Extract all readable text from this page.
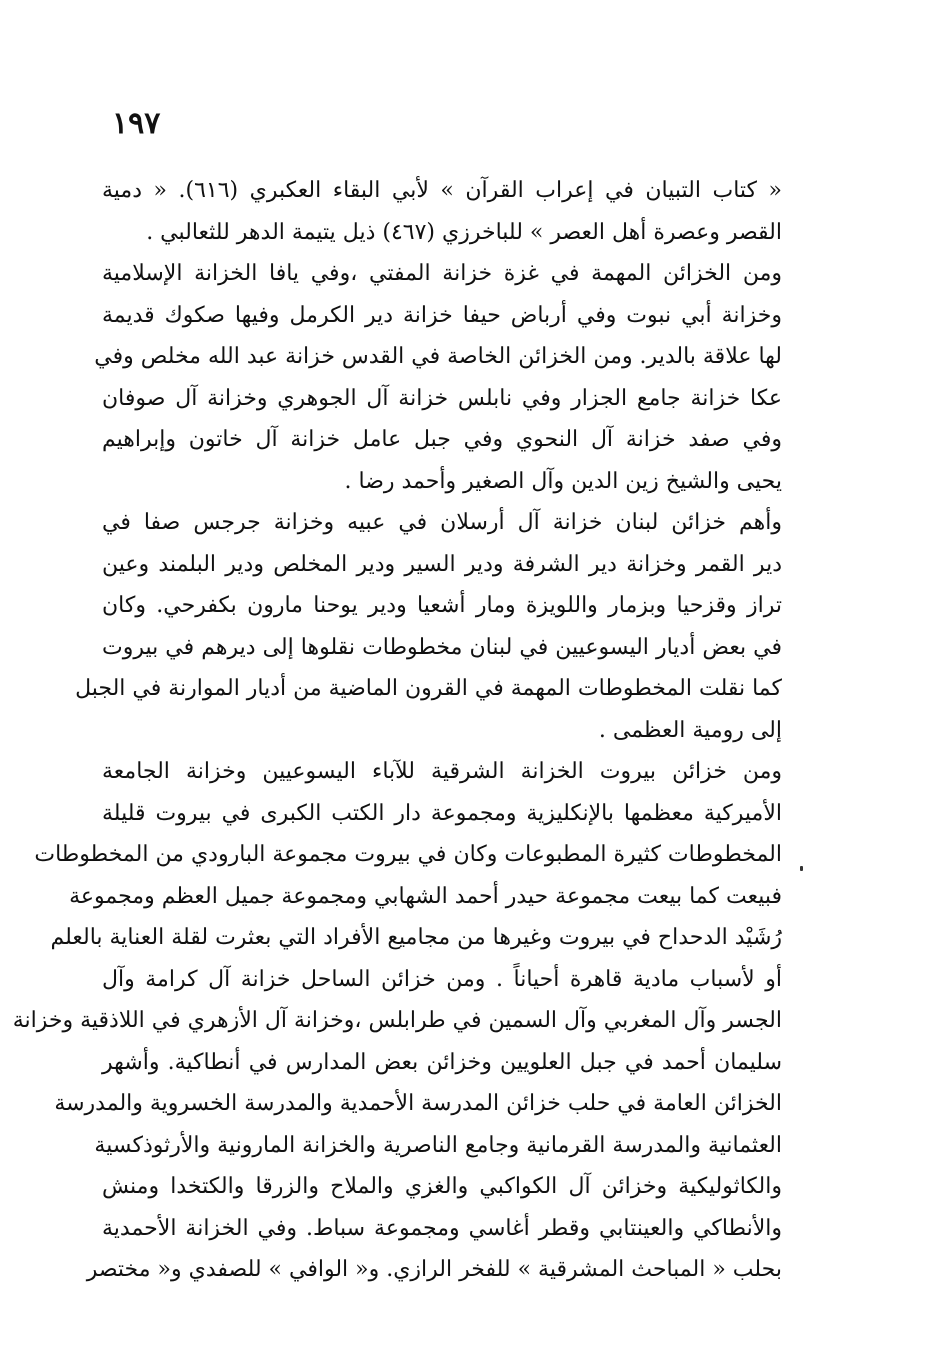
١٩٧
« كتاب التبيان في إعراب القرآن » لأبي البقاء العكبري (٦١٦). « دمية
القصر وعصرة أهل العصر » للباخرزي (٤٦٧) ذيل يتيمة الدهر للثعالبي .
ومن الخزائن المهمة في غزة خزانة المفتي ،وفي يافا الخزانة الإسلامية
وخزانة أبي نبوت وفي أرباض حيفا خزانة دير الكرمل وفيها صكوك قديمة
لها علاقة بالدير. ومن الخزائن الخاصة في القدس خزانة عبد الله مخلص وفي
عكا خزانة جامع الجزار وفي نابلس خزانة آل الجوهري وخزانة آل صوفان
وفي صفد خزانة آل النحوي وفي جبل عامل خزانة آل خاتون وإبراهيم
يحيى والشيخ زين الدين وآل الصغير وأحمد رضا .
وأهم خزائن لبنان خزانة آل أرسلان في عبيه وخزانة جرجس صفا في
دير القمر وخزانة دير الشرفة ودير السير ودير المخلص ودير البلمند وعين
تراز وقزحيا وبزمار واللويزة ومار أشعيا ودير يوحنا مارون بكفرحي. وكان
في بعض أديار اليسوعيين في لبنان مخطوطات نقلوها إلى ديرهم في بيروت
كما نقلت المخطوطات المهمة في القرون الماضية من أديار الموارنة في الجبل
إلى رومية العظمى .
ومن خزائن بيروت الخزانة الشرقية للآباء اليسوعيين وخزانة الجامعة
الأميركية معظمها بالإنكليزية ومجموعة دار الكتب الكبرى في بيروت قليلة
المخطوطات كثيرة المطبوعات وكان في بيروت مجموعة البارودي من المخطوطات
فبيعت كما بيعت مجموعة حيدر أحمد الشهابي ومجموعة جميل العظم ومجموعة
رُشَيْد الدحداح في بيروت وغيرها من مجاميع الأفراد التي بعثرت لقلة العناية بالعلم
أو لأسباب مادية قاهرة أحياناً . ومن خزائن الساحل خزانة آل كرامة وآل
الجسر وآل المغربي وآل السمين في طرابلس ،وخزانة آل الأزهري في اللاذقية وخزانة
سليمان أحمد في جبل العلويين وخزائن بعض المدارس في أنطاكية. وأشهر
الخزائن العامة في حلب خزائن المدرسة الأحمدية والمدرسة الخسروية والمدرسة
العثمانية والمدرسة القرمانية وجامع الناصرية والخزانة المارونية والأرثوذكسية
والكاثوليكية وخزائن آل الكواكبي والغزي والملاح والزرقا والكتخدا ومنش
والأنطاكي والعينتابي وقطر أغاسي ومجموعة سباط. وفي الخزانة الأحمدية
بحلب « المباحث المشرقية » للفخر الرازي. و« الوافي » للصفدي و« مختصر
